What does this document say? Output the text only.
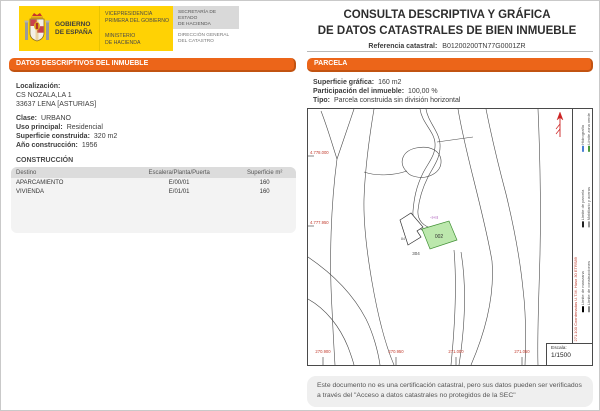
GOBIERNO
DE ESPAÑA
VICEPRESIDENCIA
PRIMERA DEL GOBIERNO
MINISTERIO
DE HACIENDA
SECRETARÍA DE ESTADO
DE HACIENDA
DIRECCIÓN GENERAL
DEL CATASTRO
CONSULTA DESCRIPTIVA Y GRÁFICA
DE DATOS CATASTRALES DE BIEN INMUEBLE
Referencia catastral: B01200200TN77G0001ZR
DATOS DESCRIPTIVOS DEL INMUEBLE
Localización:
CS NOZALA,LA 1
33637 LENA [ASTURIAS]
Clase: URBANO
Uso principal: Residencial
Superficie construida: 320 m2
Año construcción: 1956
CONSTRUCCIÓN
Destino	Escalera/Planta/Puerta	Superficie m²
APARCAMIENTO	E/00/01	160
VIVIENDA	E/01/01	160
PARCELA
Superficie gráfica: 160 m2
Participación del inmueble: 100,00 %
Tipo: Parcela construida sin división horizontal
4.778.000
4.777.950
270.900	270.950	271.000	271.050
002
-I+II
304
84
Hidrografía Límite zona verde
Límite de parcela Mobiliario y aceras
Límite de manzana Límite de construcciones
271.100 Coordenadas U.T.M. Huso 30 ETRS89
Escala:
1/1500
Este documento no es una certificación catastral, pero sus datos pueden ser verificados a través del "Acceso a datos catastrales no protegidos de la SEC"
